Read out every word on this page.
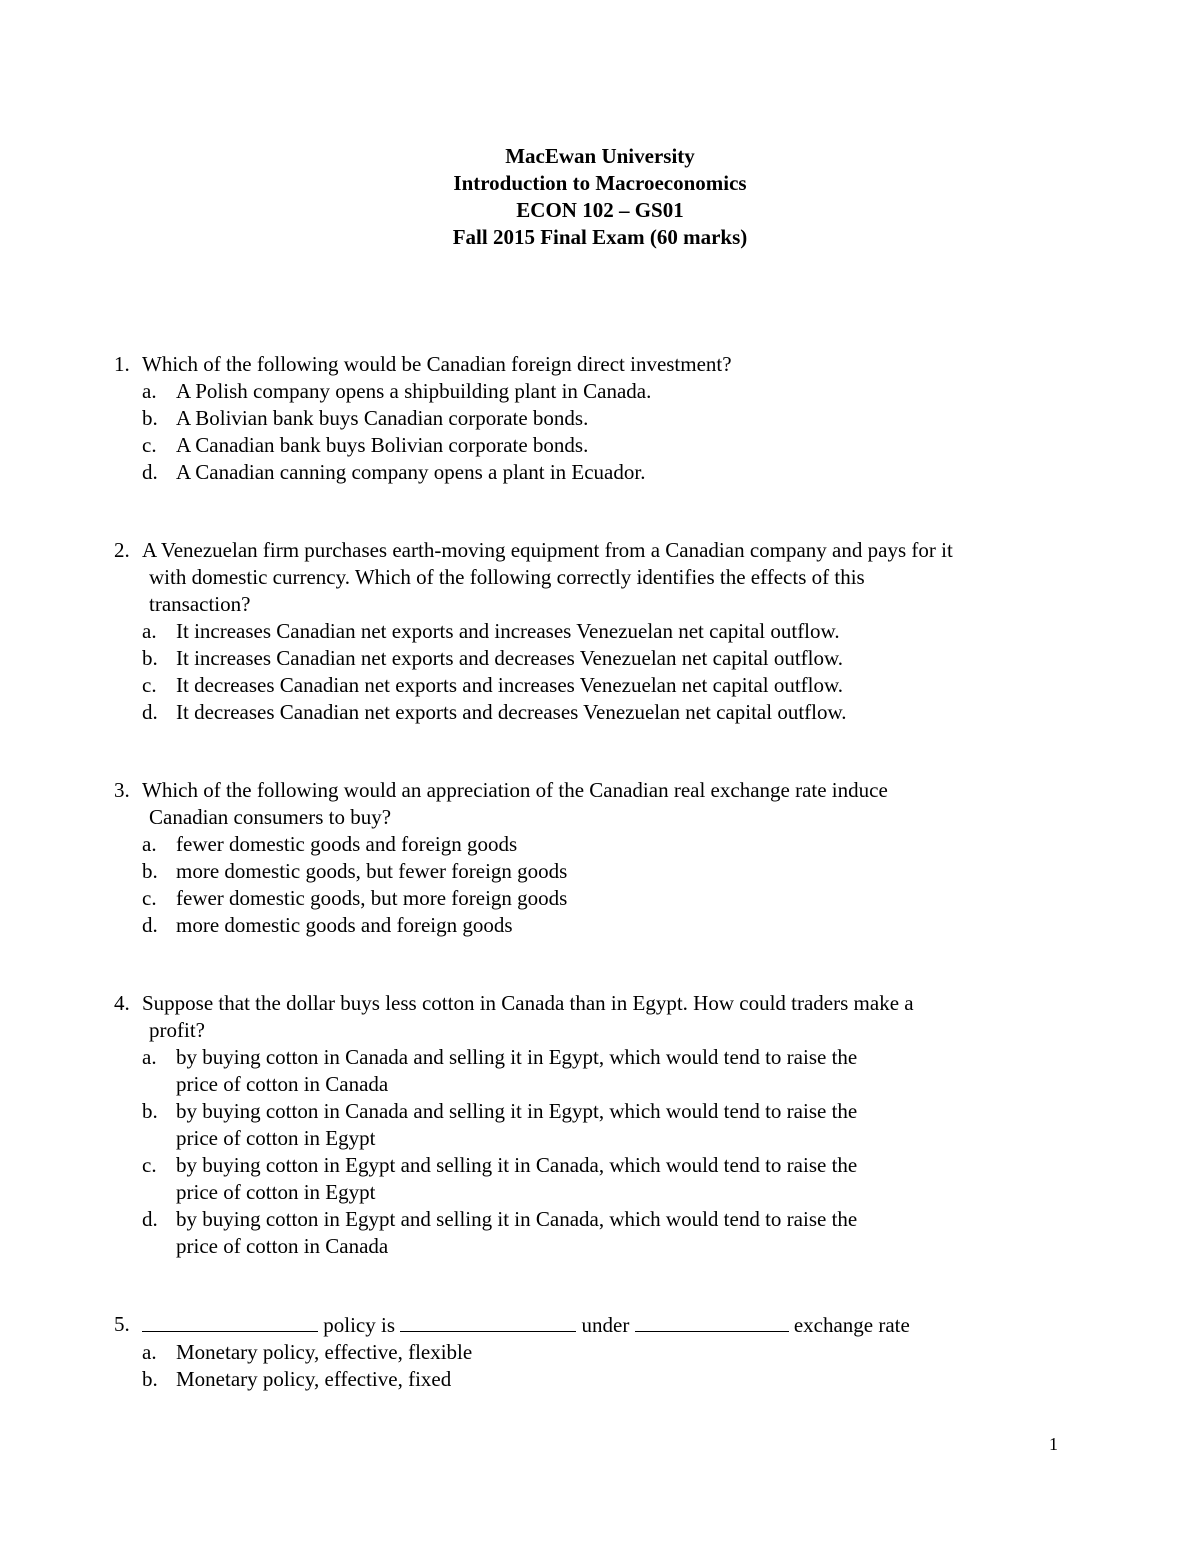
MacEwan University
Introduction to Macroeconomics
ECON 102 – GS01
Fall 2015 Final Exam (60 marks)
1. Which of the following would be Canadian foreign direct investment?
a. A Polish company opens a shipbuilding plant in Canada.
b. A Bolivian bank buys Canadian corporate bonds.
c. A Canadian bank buys Bolivian corporate bonds.
d. A Canadian canning company opens a plant in Ecuador.
2. A Venezuelan firm purchases earth-moving equipment from a Canadian company and pays for it
with domestic currency. Which of the following correctly identifies the effects of this
transaction?
a. It increases Canadian net exports and increases Venezuelan net capital outflow.
b. It increases Canadian net exports and decreases Venezuelan net capital outflow.
c. It decreases Canadian net exports and increases Venezuelan net capital outflow.
d. It decreases Canadian net exports and decreases Venezuelan net capital outflow.
3. Which of the following would an appreciation of the Canadian real exchange rate induce
Canadian consumers to buy?
a. fewer domestic goods and foreign goods
b. more domestic goods, but fewer foreign goods
c. fewer domestic goods, but more foreign goods
d. more domestic goods and foreign goods
4. Suppose that the dollar buys less cotton in Canada than in Egypt. How could traders make a
profit?
a. by buying cotton in Canada and selling it in Egypt, which would tend to raise the
price of cotton in Canada
b. by buying cotton in Canada and selling it in Egypt, which would tend to raise the
price of cotton in Egypt
c. by buying cotton in Egypt and selling it in Canada, which would tend to raise the
price of cotton in Egypt
d. by buying cotton in Egypt and selling it in Canada, which would tend to raise the
price of cotton in Canada
5.	policy is	under	exchange rate
a. Monetary policy, effective, flexible
b. Monetary policy, effective, fixed
1
